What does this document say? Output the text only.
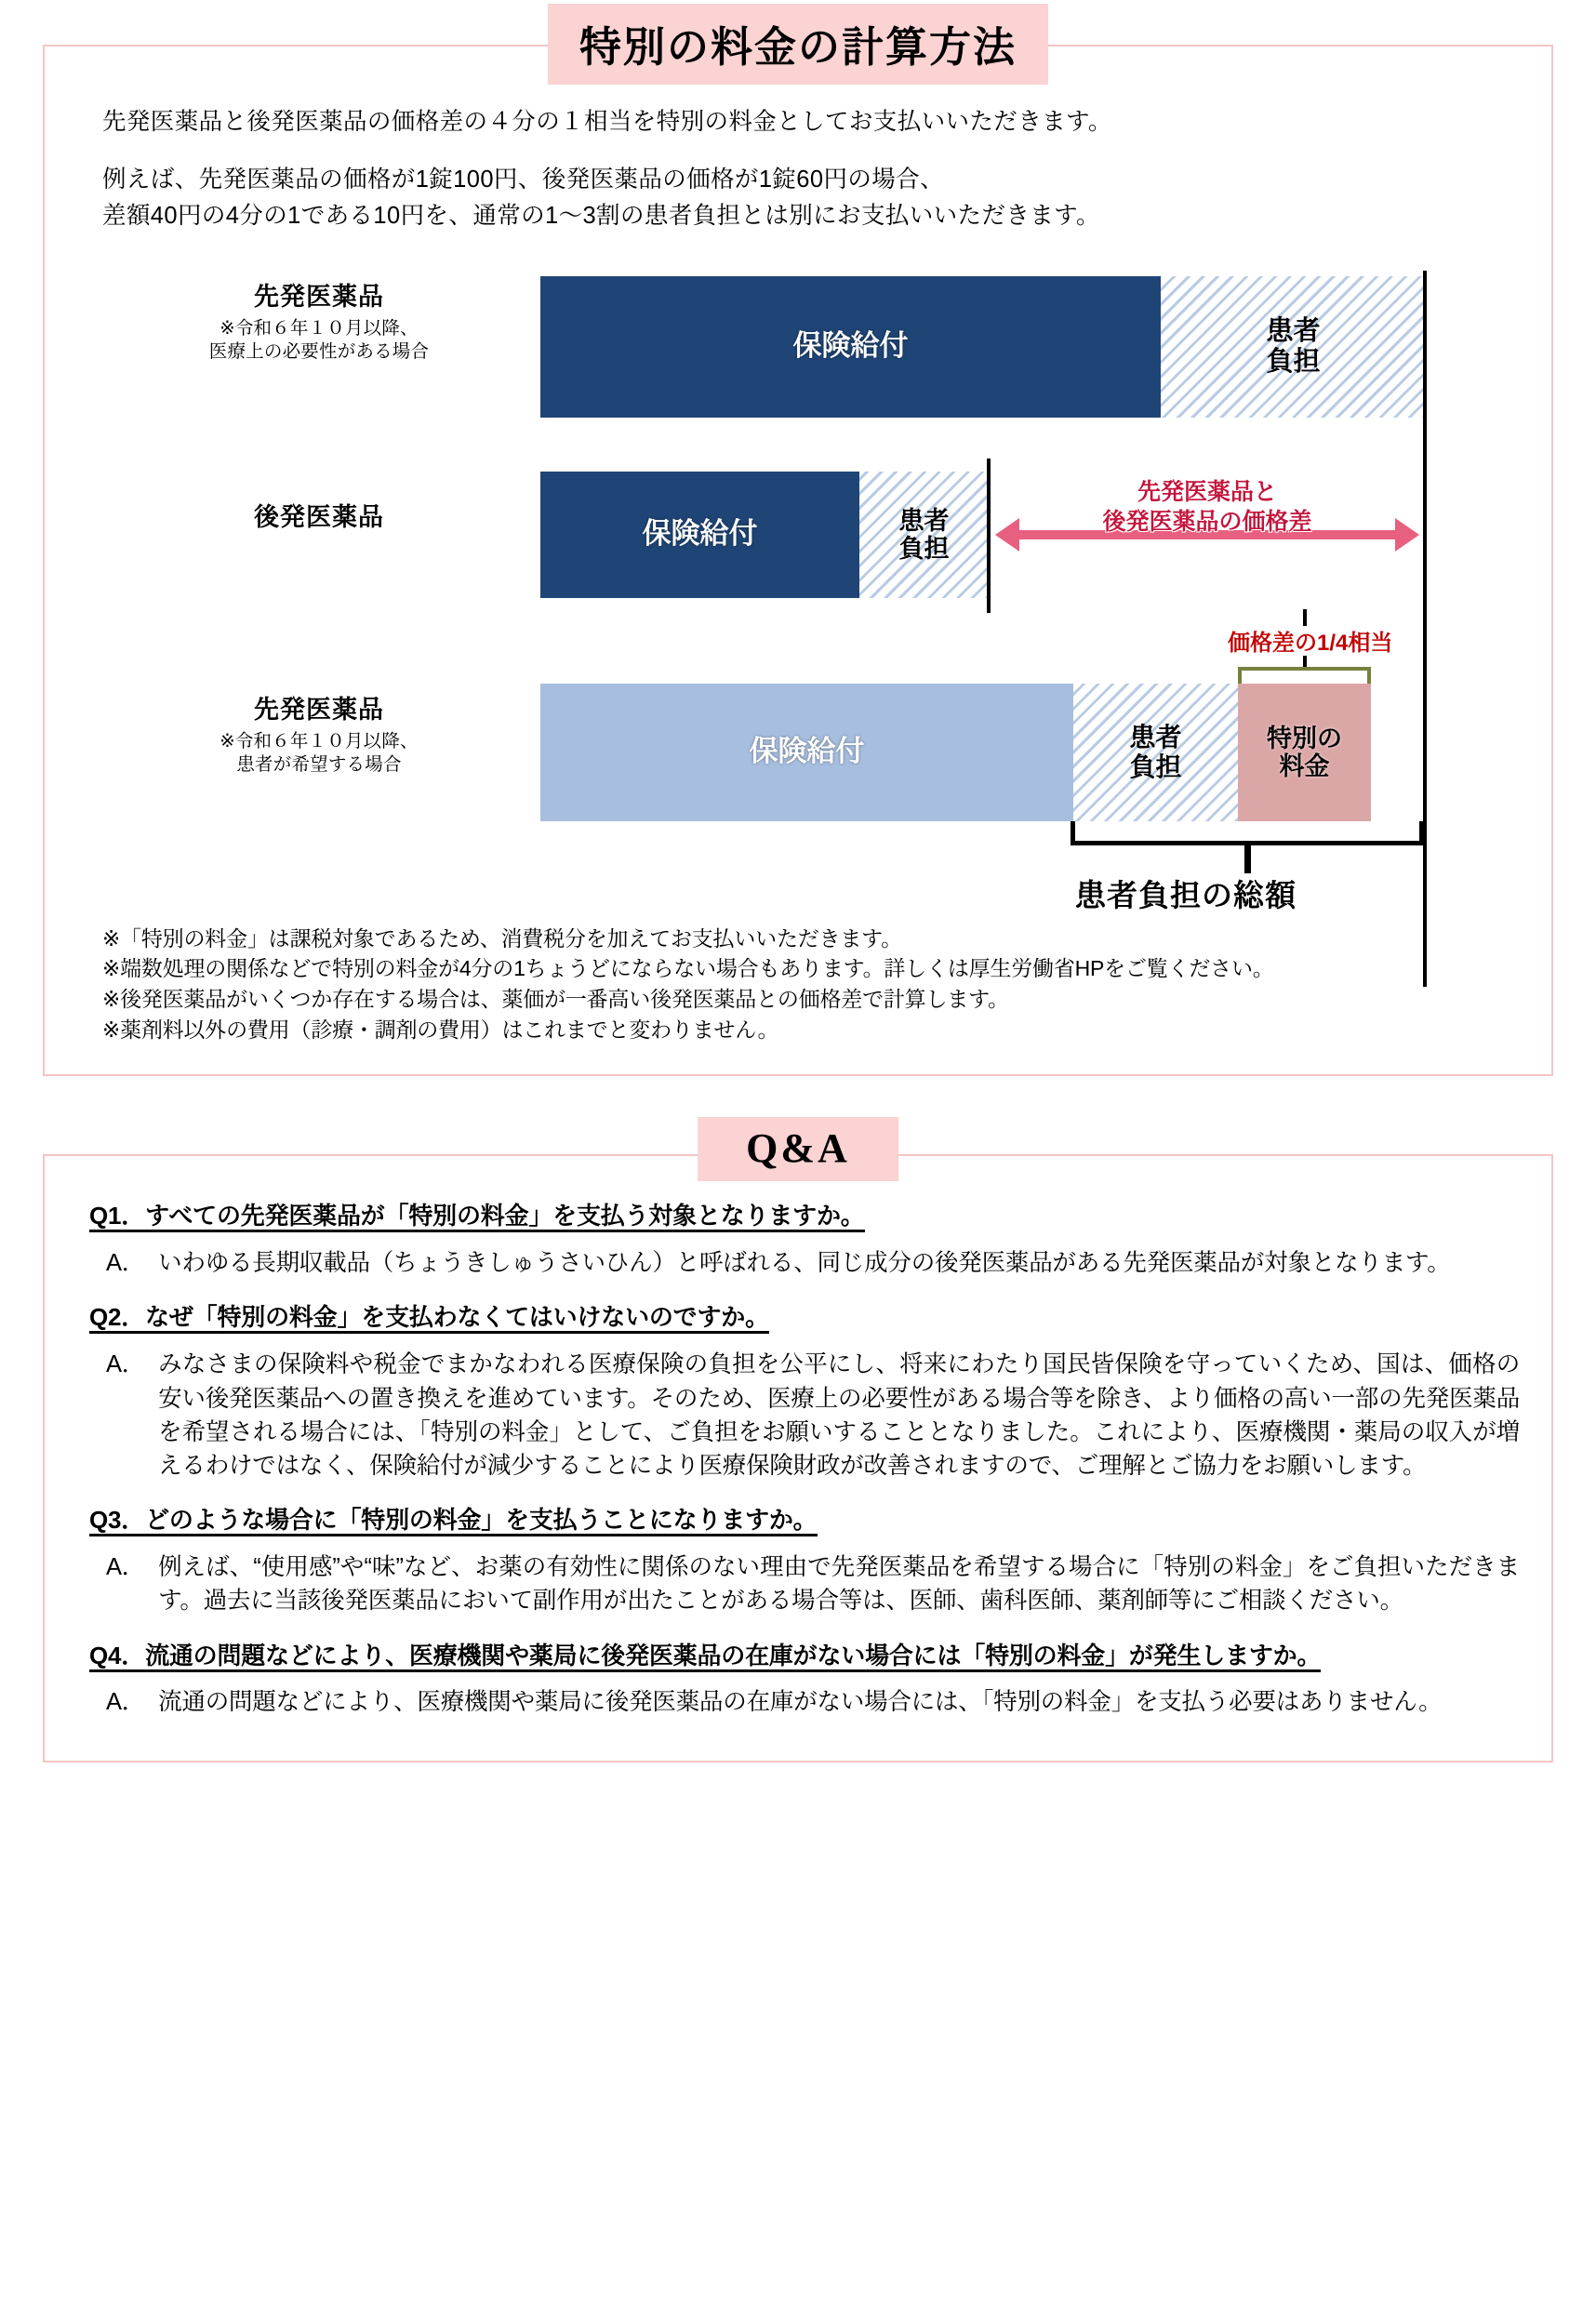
特別の料金の計算方法
先発医薬品と後発医薬品の価格差の４分の１相当を特別の料金としてお支払いいただきます。
例えば、先発医薬品の価格が1錠100円、後発医薬品の価格が1錠60円の場合、
差額40円の4分の1である10円を、通常の1～3割の患者負担とは別にお支払いいただきます。
先発医薬品
※令和６年１０月以降、
医療上の必要性がある場合	保険給付	患者
負担
後発医薬品
保険給付	患者
負担
先発医薬品と
後発医薬品の価格差
価格差の1/4相当
先発医薬品
※令和６年１０月以降、
患者が希望する場合	保険給付	患者
負担
特別の
料金
患者負担の総額
※「特別の料金」は課税対象であるため、消費税分を加えてお支払いいただきます。
※端数処理の関係などで特別の料金が4分の1ちょうどにならない場合もあります。詳しくは厚生労働省HPをご覧ください。
※後発医薬品がいくつか存在する場合は、薬価が一番高い後発医薬品との価格差で計算します。
※薬剤料以外の費用（診療・調剤の費用）はこれまでと変わりません。
Q&A
Q1．すべての先発医薬品が「特別の料金」を支払う対象となりますか。
A． いわゆる長期収載品（ちょうきしゅうさいひん）と呼ばれる、同じ成分の後発医薬品がある先発医薬品が対象となります。
Q2．なぜ「特別の料金」を支払わなくてはいけないのですか。
A． みなさまの保険料や税金でまかなわれる医療保険の負担を公平にし、将来にわたり国民皆保険を守っていくため、国は、価格の安い後発医薬品への置き換えを進めています。そのため、医療上の必要性がある場合等を除き、より価格の高い一部の先発医薬品を希望される場合には、「特別の料金」として、ご負担をお願いすることとなりました。これにより、医療機関・薬局の収入が増えるわけではなく、保険給付が減少することにより医療保険財政が改善されますので、ご理解とご協力をお願いします。
Q3．どのような場合に「特別の料金」を支払うことになりますか。
A． 例えば、“使用感”や“味”など、お薬の有効性に関係のない理由で先発医薬品を希望する場合に「特別の料金」をご負担いただきます。過去に当該後発医薬品において副作用が出たことがある場合等は、医師、歯科医師、薬剤師等にご相談ください。
Q4．流通の問題などにより、医療機関や薬局に後発医薬品の在庫がない場合には「特別の料金」が発生しますか。
A． 流通の問題などにより、医療機関や薬局に後発医薬品の在庫がない場合には、「特別の料金」を支払う必要はありません。
